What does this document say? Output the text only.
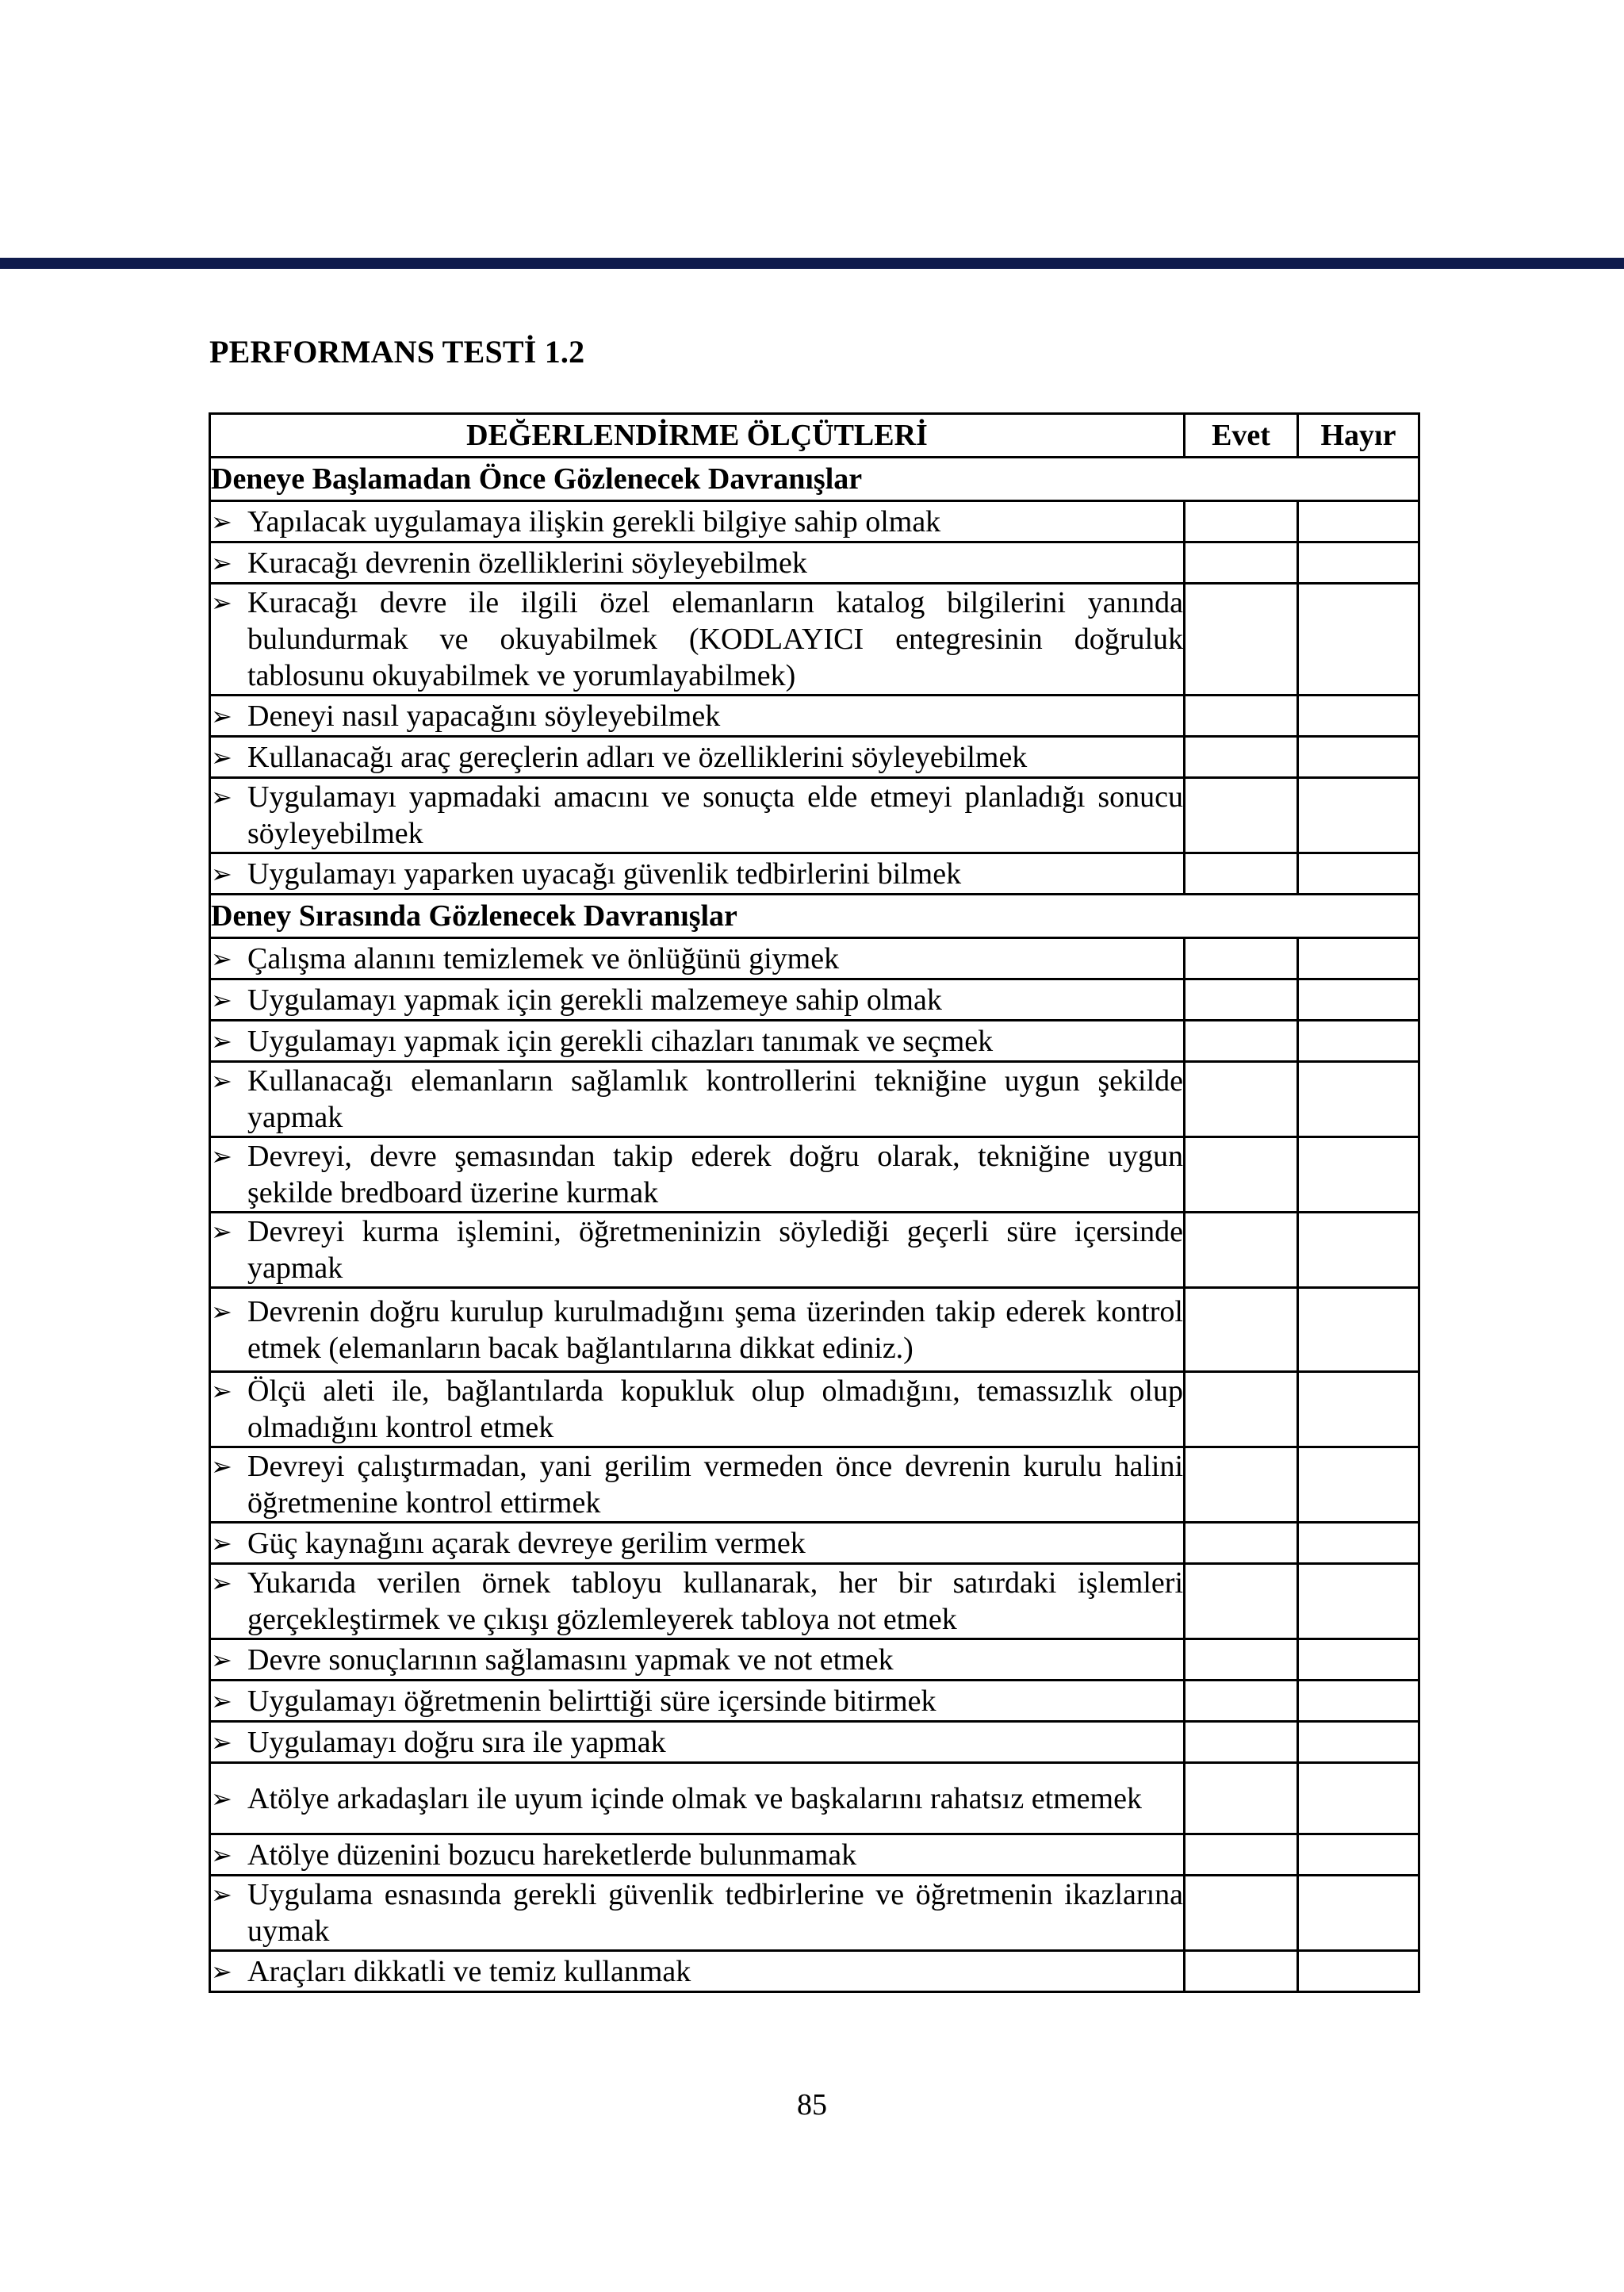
PERFORMANS TESTİ 1.2
DEĞERLENDİRME ÖLÇÜTLERİ	Evet	Hayır
Deneye Başlamadan Önce Gözlenecek Davranışlar		

➢ Yapılacak uygulamaya ilişkin gerekli bilgiye sahip olmak		

➢ Kuracağı devrenin özelliklerini söyleyebilmek		

➢ Kuracağı devre ile ilgili özel elemanların katalog bilgilerini yanında bulundurmak ve okuyabilmek (KODLAYICI entegresinin doğruluk tablosunu okuyabilmek ve yorumlayabilmek)		

➢ Deneyi nasıl yapacağını söyleyebilmek		

➢ Kullanacağı araç gereçlerin adları ve özelliklerini söyleyebilmek		

➢ Uygulamayı yapmadaki amacını ve sonuçta elde etmeyi planladığı sonucu söyleyebilmek		

➢ Uygulamayı yaparken uyacağı güvenlik tedbirlerini bilmek		

Deney Sırasında Gözlenecek Davranışlar		

➢ Çalışma alanını temizlemek ve önlüğünü giymek		

➢ Uygulamayı yapmak için gerekli malzemeye sahip olmak		

➢ Uygulamayı yapmak için gerekli cihazları tanımak ve seçmek		

➢ Kullanacağı elemanların sağlamlık kontrollerini tekniğine uygun şekilde yapmak		

➢ Devreyi, devre şemasından takip ederek doğru olarak, tekniğine uygun şekilde bredboard üzerine kurmak		

➢ Devreyi kurma işlemini, öğretmeninizin söylediği geçerli süre içersinde yapmak		

➢ Devrenin doğru kurulup kurulmadığını şema üzerinden takip ederek kontrol etmek (elemanların bacak bağlantılarına dikkat ediniz.)		

➢ Ölçü aleti ile, bağlantılarda kopukluk olup olmadığını, temassızlık olup olmadığını kontrol etmek		

➢ Devreyi çalıştırmadan, yani gerilim vermeden önce devrenin kurulu halini öğretmenine kontrol ettirmek		

➢ Güç kaynağını açarak devreye gerilim vermek		

➢ Yukarıda verilen örnek tabloyu kullanarak, her bir satırdaki işlemleri gerçekleştirmek ve çıkışı gözlemleyerek tabloya not etmek		

➢ Devre sonuçlarının sağlamasını yapmak ve not etmek		

➢ Uygulamayı öğretmenin belirttiği süre içersinde bitirmek		

➢ Uygulamayı doğru sıra ile yapmak		

➢ Atölye arkadaşları ile uyum içinde olmak ve başkalarını rahatsız etmemek		

➢ Atölye düzenini bozucu hareketlerde bulunmamak		

➢ Uygulama esnasında gerekli güvenlik tedbirlerine ve öğretmenin ikazlarına uymak		

➢ Araçları dikkatli ve temiz kullanmak		

85
